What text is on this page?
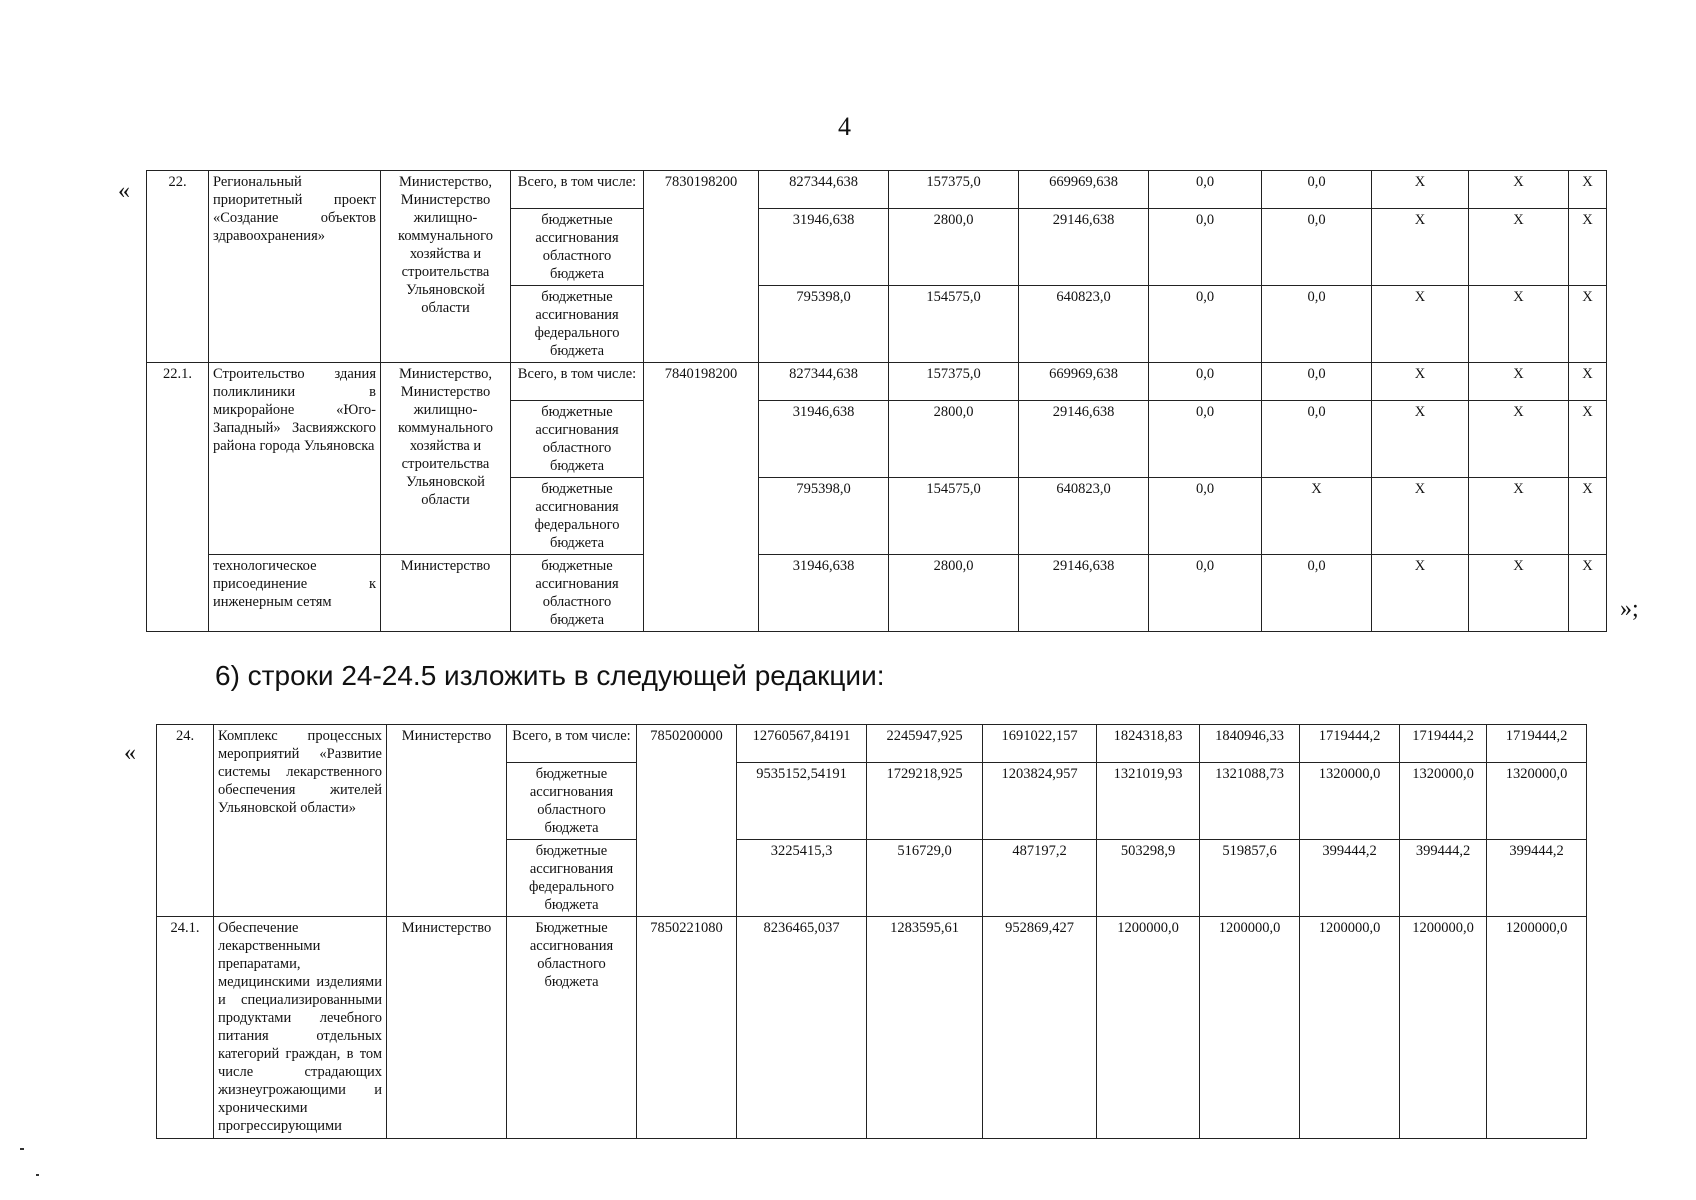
4
«
»;
22.	Региональный приоритетный проект «Создание объектов здравоохранения»	Министерство, Министерство жилищно-коммунального хозяйства и строительства Ульяновской области	Всего, в том числе:	7830198200	827344,638	157375,0	669969,638	0,0	0,0	X	X	X
			бюджетные ассигнования областного бюджета		31946,638	2800,0	29146,638	0,0	0,0	X	X	X
			бюджетные ассигнования федерального бюджета		795398,0	154575,0	640823,0	0,0	0,0	X	X	X
22.1.	Строительство здания поликлиники в микрорайоне «Юго-Западный» Засвияжского района города Ульяновска	Министерство, Министерство жилищно-коммунального хозяйства и строительства Ульяновской области	Всего, в том числе:	7840198200	827344,638	157375,0	669969,638	0,0	0,0	X	X	X
			бюджетные ассигнования областного бюджета		31946,638	2800,0	29146,638	0,0	0,0	X	X	X
			бюджетные ассигнования федерального бюджета		795398,0	154575,0	640823,0	0,0	X	X	X	X
	технологическое присоединение к инженерным сетям	Министерство	бюджетные ассигнования областного бюджета		31946,638	2800,0	29146,638	0,0	0,0	X	X	X
6) строки 24-24.5 изложить в следующей редакции:
«
24.	Комплекс процессных мероприятий «Развитие системы лекарственного обеспечения жителей Ульяновской области»	Министерство	Всего, в том числе:	7850200000	12760567,84191	2245947,925	1691022,157	1824318,83	1840946,33	1719444,2	1719444,2	1719444,2
			бюджетные ассигнования областного бюджета		9535152,54191	1729218,925	1203824,957	1321019,93	1321088,73	1320000,0	1320000,0	1320000,0
			бюджетные ассигнования федерального бюджета		3225415,3	516729,0	487197,2	503298,9	519857,6	399444,2	399444,2	399444,2
24.1.	Обеспечение лекарственными препаратами, медицинскими изделиями и специализированными продуктами лечебного питания отдельных категорий граждан, в том числе страдающих жизнеугрожающими и хроническими прогрессирующими	Министерство	Бюджетные ассигнования областного бюджета	7850221080	8236465,037	1283595,61	952869,427	1200000,0	1200000,0	1200000,0	1200000,0	1200000,0
